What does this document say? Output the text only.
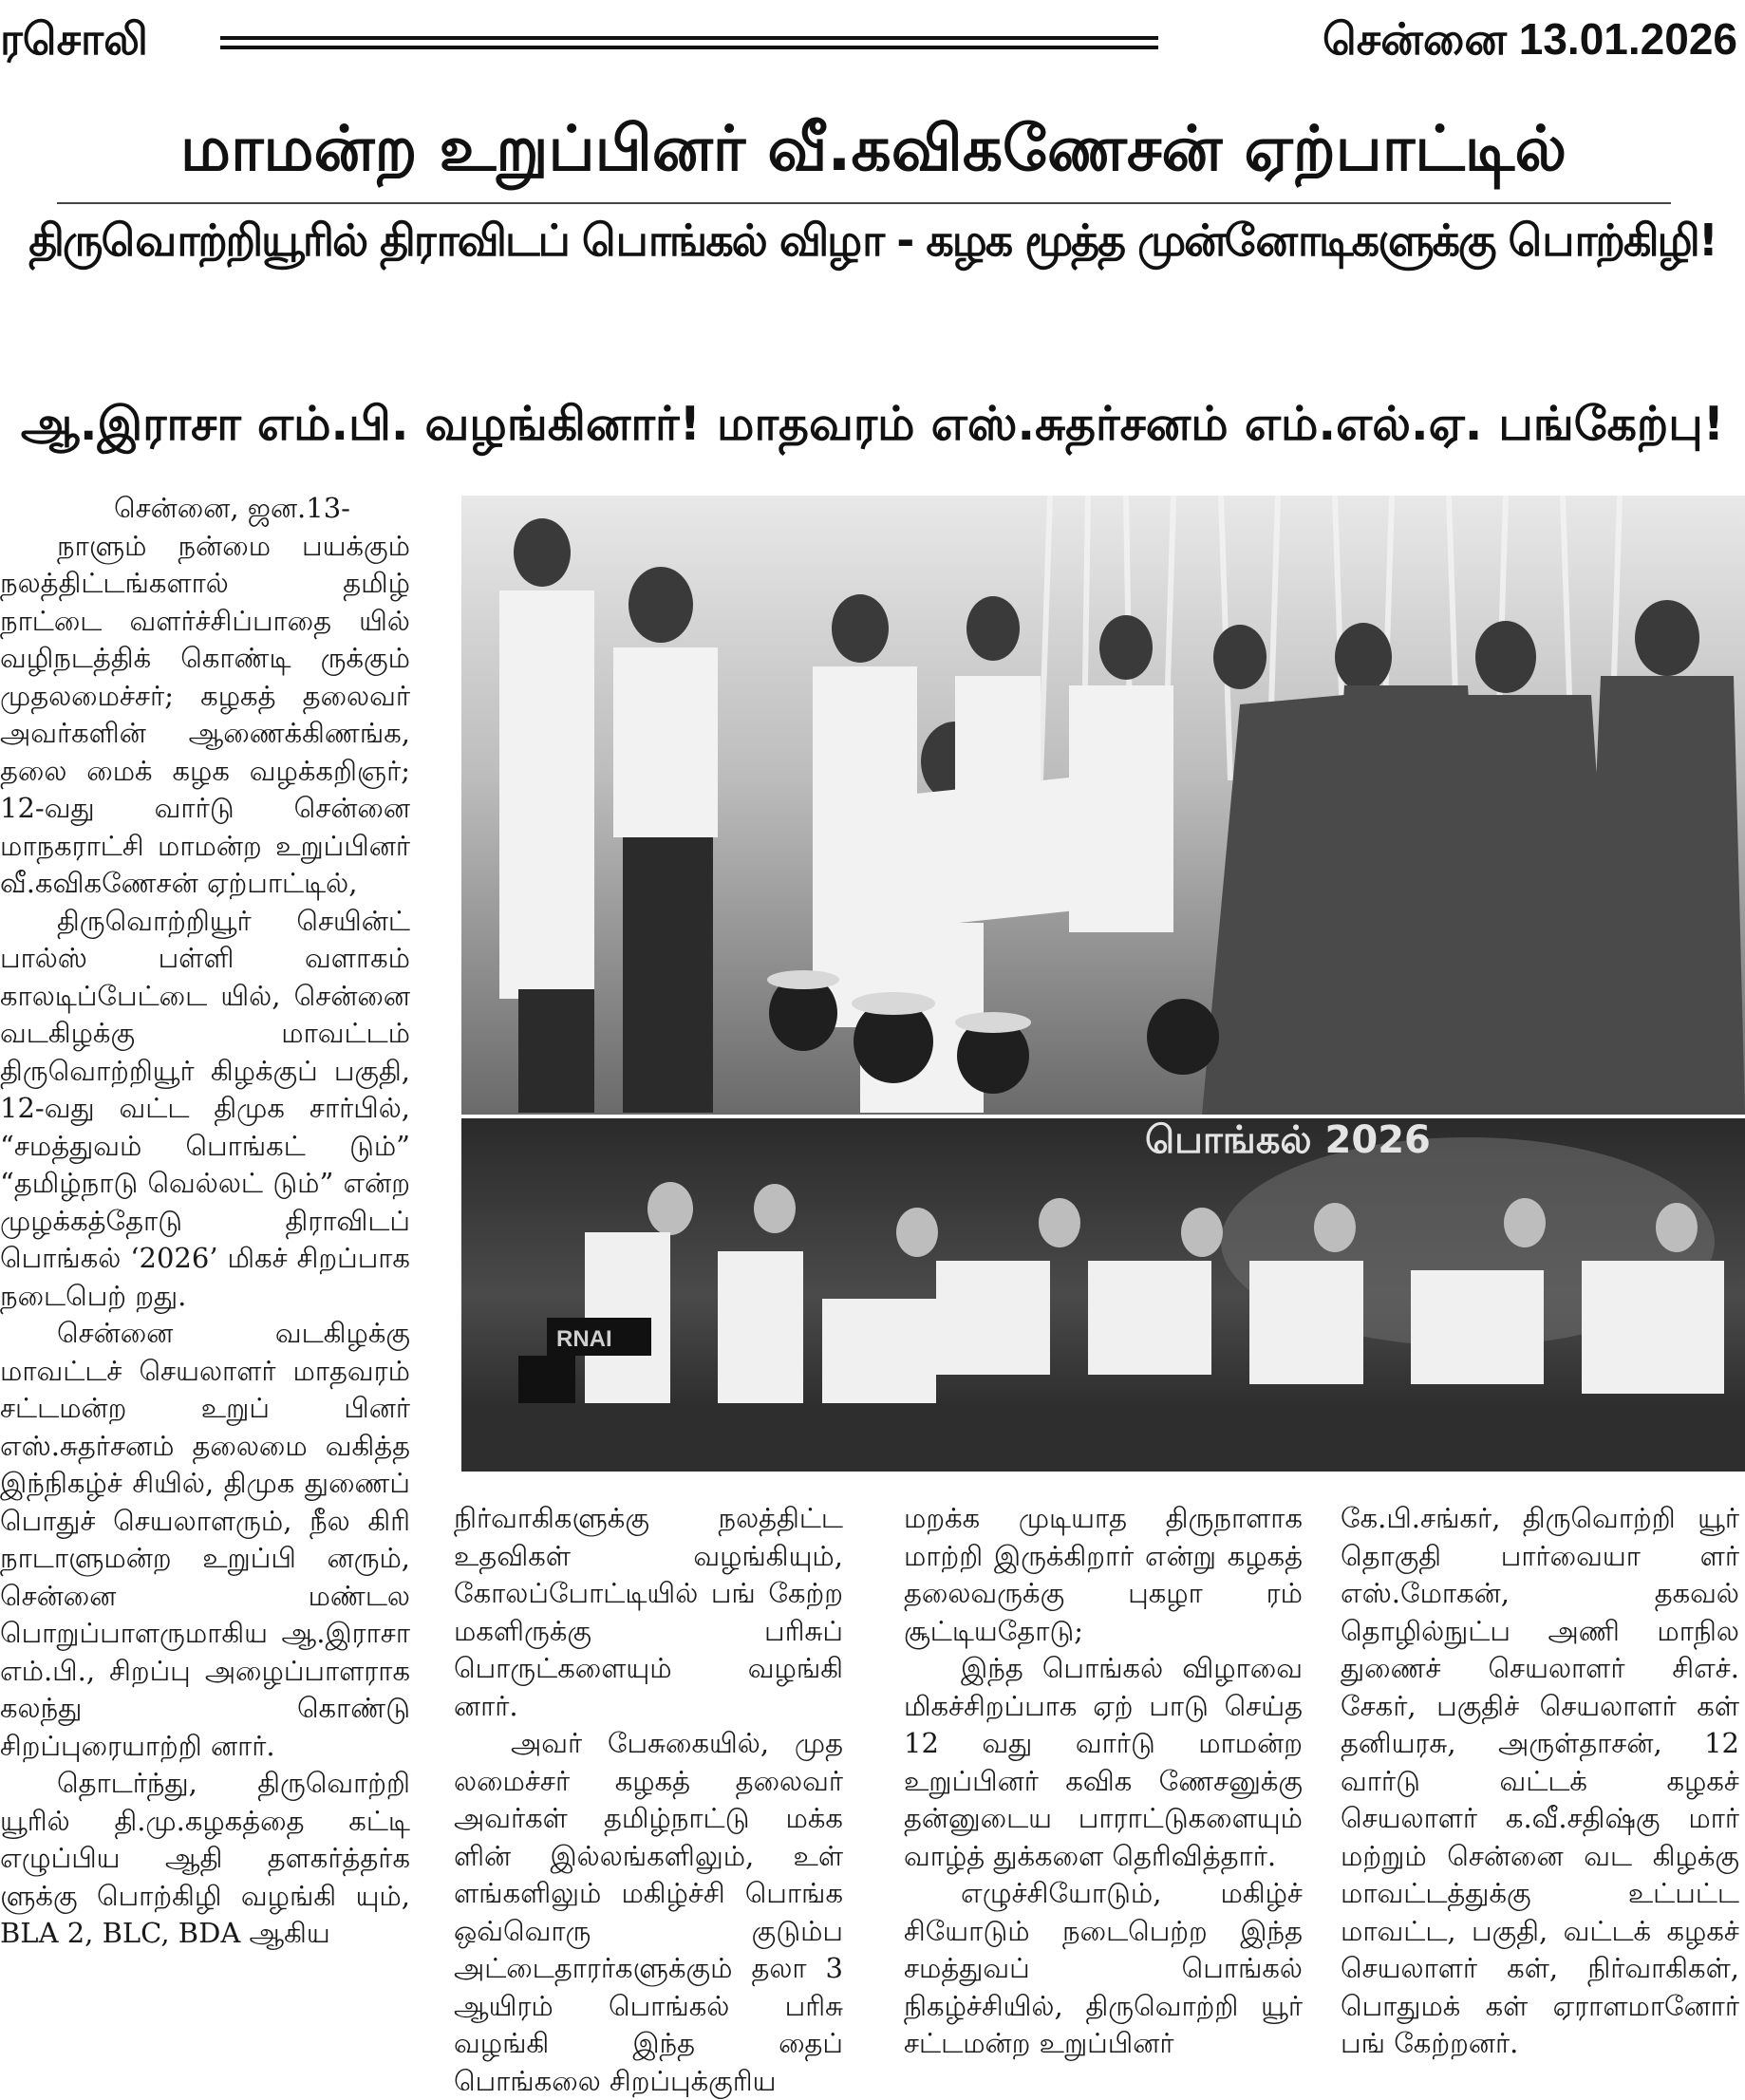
ரசொலி	சென்னை 13.01.2026
மாமன்ற உறுப்பினர் வீ.கவிகணேசன் ஏற்பாட்டில்
திருவொற்றியூரில் திராவிடப் பொங்கல் விழா - கழக மூத்த முன்னோடிகளுக்கு பொற்கிழி!
ஆ.இராசா எம்.பி. வழங்கினார்! மாதவரம் எஸ்.சுதர்சனம் எம்.எல்.ஏ. பங்கேற்பு!

சென்னை, ஜன.13-

நாளும் நன்மை பயக்கும் நலத்திட்டங்களால் தமிழ் நாட்டை வளர்ச்சிப்பாதை யில் வழிநடத்திக் கொண்டி ருக்கும் முதலமைச்சர்; கழகத் தலைவர் அவர்களின் ஆணைக்கிணங்க, தலை மைக் கழக வழக்கறிஞர்; 12-வது வார்டு சென்னை மாநகராட்சி மாமன்ற உறுப்பினர் வீ.கவிகணேசன் ஏற்பாட்டில்,

திருவொற்றியூர் செயின்ட் பால்ஸ் பள்ளி வளாகம் காலடிப்பேட்டை யில், சென்னை வடகிழக்கு மாவட்டம் திருவொற்றியூர் கிழக்குப் பகுதி, 12-வது வட்ட திமுக சார்பில், “சமத்துவம் பொங்கட் டும்” “தமிழ்நாடு வெல்லட் டும்” என்ற முழக்கத்தோடு திராவிடப் பொங்கல் ‘2026’ மிகச் சிறப்பாக நடைபெற் றது.

சென்னை வடகிழக்கு மாவட்டச் செயலாளர் மாதவரம் சட்டமன்ற உறுப் பினர் எஸ்.சுதர்சனம் தலைமை வகித்த இந்நிகழ்ச் சியில், திமுக துணைப் பொதுச் செயலாளரும், நீல கிரி நாடாளுமன்ற உறுப்பி னரும், சென்னை மண்டல பொறுப்பாளருமாகிய ஆ.இராசா எம்.பி., சிறப்பு அழைப்பாளராக கலந்து கொண்டு சிறப்புரையாற்றி னார்.

தொடர்ந்து, திருவொற்றி யூரில் தி.மு.கழகத்தை கட்டி எழுப்பிய ஆதி தளகர்த்தர்க ளுக்கு பொற்கிழி வழங்கி யும், BLA 2, BLC, BDA ஆகிய

பொங்கல் 2026
RNAI

நிர்வாகிகளுக்கு நலத்திட்ட உதவிகள் வழங்கியும், கோலப்போட்டியில் பங் கேற்ற மகளிருக்கு பரிசுப் பொருட்களையும் வழங்கி னார்.

அவர் பேசுகையில், முத லமைச்சர் கழகத் தலைவர் அவர்கள் தமிழ்நாட்டு மக்க ளின் இல்லங்களிலும், உள் ளங்களிலும் மகிழ்ச்சி பொங்க ஒவ்வொரு குடும்ப அட்டைதாரர்களுக்கும் தலா 3 ஆயிரம் பொங்கல் பரிசு வழங்கி இந்த தைப் பொங்கலை சிறப்புக்குரிய

மறக்க முடியாத திருநாளாக மாற்றி இருக்கிறார் என்று கழகத் தலைவருக்கு புகழா ரம் சூட்டியதோடு;

இந்த பொங்கல் விழாவை மிகச்சிறப்பாக ஏற் பாடு செய்த 12 வது வார்டு மாமன்ற உறுப்பினர் கவிக ணேசனுக்கு தன்னுடைய பாராட்டுகளையும் வாழ்த் துக்களை தெரிவித்தார்.

எழுச்சியோடும், மகிழ்ச் சியோடும் நடைபெற்ற இந்த சமத்துவப் பொங்கல் நிகழ்ச்சியில், திருவொற்றி யூர் சட்டமன்ற உறுப்பினர்

கே.பி.சங்கர், திருவொற்றி யூர் தொகுதி பார்வையா ளர் எஸ்.மோகன், தகவல் தொழில்நுட்ப அணி மாநில துணைச் செயலாளர் சிஎச். சேகர், பகுதிச் செயலாளர் கள் தனியரசு, அருள்தாசன், 12 வார்டு வட்டக் கழகச் செயலாளர் க.வீ.சதிஷ்கு மார் மற்றும் சென்னை வட கிழக்கு மாவட்டத்துக்கு உட்பட்ட மாவட்ட, பகுதி, வட்டக் கழகச் செயலாளர் கள், நிர்வாகிகள், பொதுமக் கள் ஏராளமானோர் பங் கேற்றனர்.
